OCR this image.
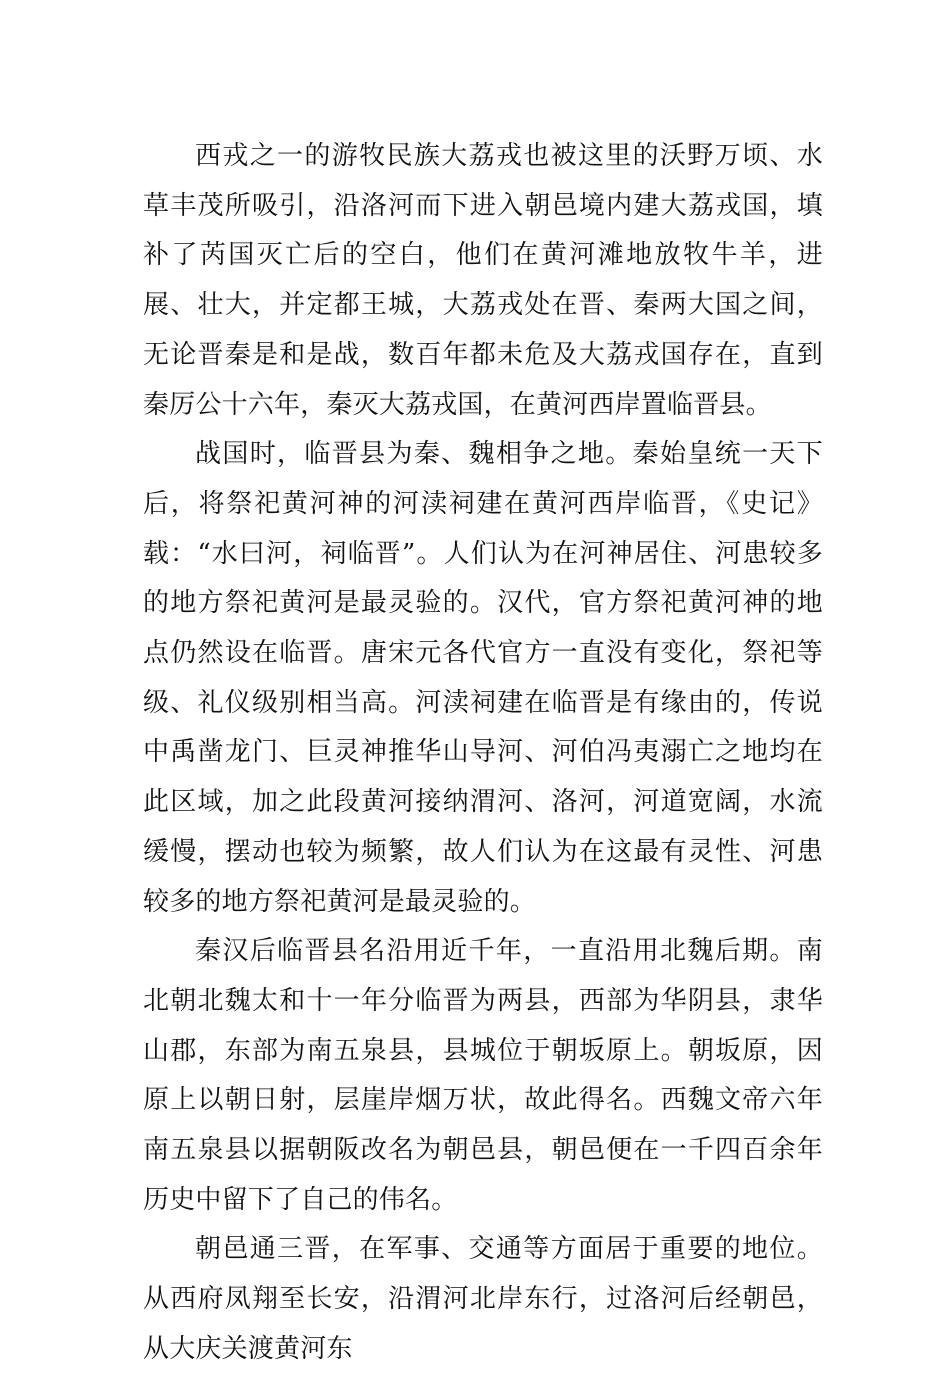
西戎之一的游牧民族大荔戎也被这里的沃野万顷、水草丰茂所吸引，沿洛河而下进入朝邑境内建大荔戎国，填补了芮国灭亡后的空白，他们在黄河滩地放牧牛羊，进展、壮大，并定都王城，大荔戎处在晋、秦两大国之间，无论晋秦是和是战，数百年都未危及大荔戎国存在，直到秦厉公十六年，秦灭大荔戎国，在黄河西岸置临晋县。

战国时，临晋县为秦、魏相争之地。秦始皇统一天下后，将祭祀黄河神的河渎祠建在黄河西岸临晋，《史记》载：“水曰河，祠临晋”。人们认为在河神居住、河患较多的地方祭祀黄河是最灵验的。汉代，官方祭祀黄河神的地点仍然设在临晋。唐宋元各代官方一直没有变化，祭祀等级、礼仪级别相当高。河渎祠建在临晋是有缘由的，传说中禹凿龙门、巨灵神推华山导河、河伯冯夷溺亡之地均在此区域，加之此段黄河接纳渭河、洛河，河道宽阔，水流缓慢，摆动也较为频繁，故人们认为在这最有灵性、河患较多的地方祭祀黄河是最灵验的。

秦汉后临晋县名沿用近千年，一直沿用北魏后期。南北朝北魏太和十一年分临晋为两县，西部为华阴县，隶华山郡，东部为南五泉县，县城位于朝坂原上。朝坂原，因原上以朝日射，层崖岸烟万状，故此得名。西魏文帝六年南五泉县以据朝阪改名为朝邑县，朝邑便在一千四百余年历史中留下了自己的伟名。

朝邑通三晋，在军事、交通等方面居于重要的地位。从西府凤翔至长安，沿渭河北岸东行，过洛河后经朝邑，从大庆关渡黄河东
